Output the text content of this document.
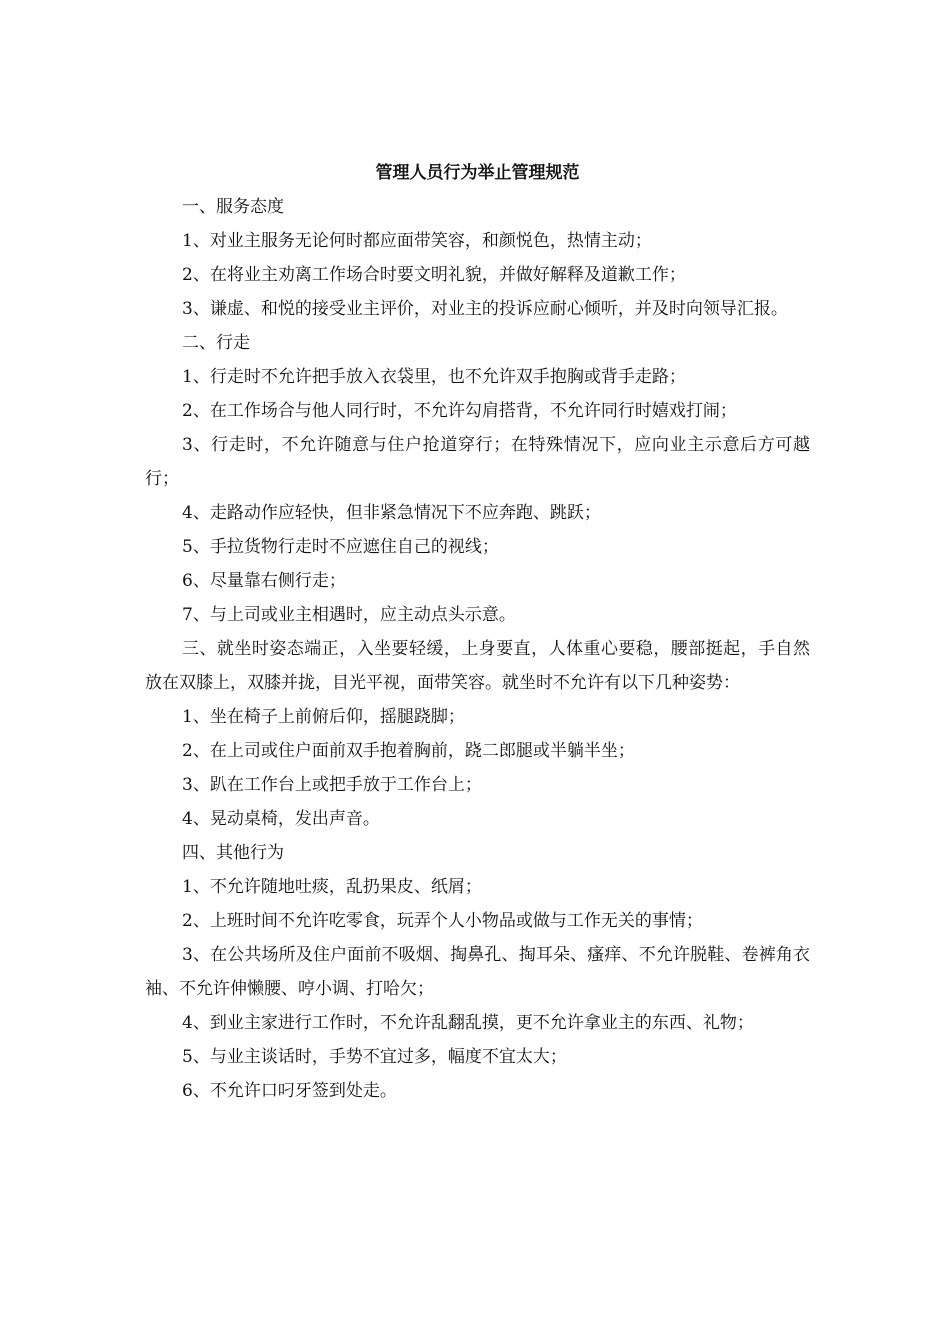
管理人员行为举止管理规范

一、服务态度

1、对业主服务无论何时都应面带笑容，和颜悦色，热情主动；

2、在将业主劝离工作场合时要文明礼貌，并做好解释及道歉工作；

3、谦虚、和悦的接受业主评价，对业主的投诉应耐心倾听，并及时向领导汇报。

二、行走

1、行走时不允许把手放入衣袋里，也不允许双手抱胸或背手走路；

2、在工作场合与他人同行时，不允许勾肩搭背，不允许同行时嬉戏打闹；

3、行走时，不允许随意与住户抢道穿行；在特殊情况下，应向业主示意后方可越行；

4、走路动作应轻快，但非紧急情况下不应奔跑、跳跃；

5、手拉货物行走时不应遮住自己的视线；

6、尽量靠右侧行走；

7、与上司或业主相遇时，应主动点头示意。

三、就坐时姿态端正，入坐要轻缓，上身要直，人体重心要稳，腰部挺起，手自然放在双膝上，双膝并拢，目光平视，面带笑容。就坐时不允许有以下几种姿势：

1、坐在椅子上前俯后仰，摇腿跷脚；

2、在上司或住户面前双手抱着胸前，跷二郎腿或半躺半坐；

3、趴在工作台上或把手放于工作台上；

4、晃动桌椅，发出声音。

四、其他行为

1、不允许随地吐痰，乱扔果皮、纸屑；

2、上班时间不允许吃零食，玩弄个人小物品或做与工作无关的事情；

3、在公共场所及住户面前不吸烟、掏鼻孔、掏耳朵、瘙痒、不允许脱鞋、卷裤角衣袖、不允许伸懒腰、哼小调、打哈欠；

4、到业主家进行工作时，不允许乱翻乱摸，更不允许拿业主的东西、礼物；

5、与业主谈话时，手势不宜过多，幅度不宜太大；

6、不允许口叼牙签到处走。
